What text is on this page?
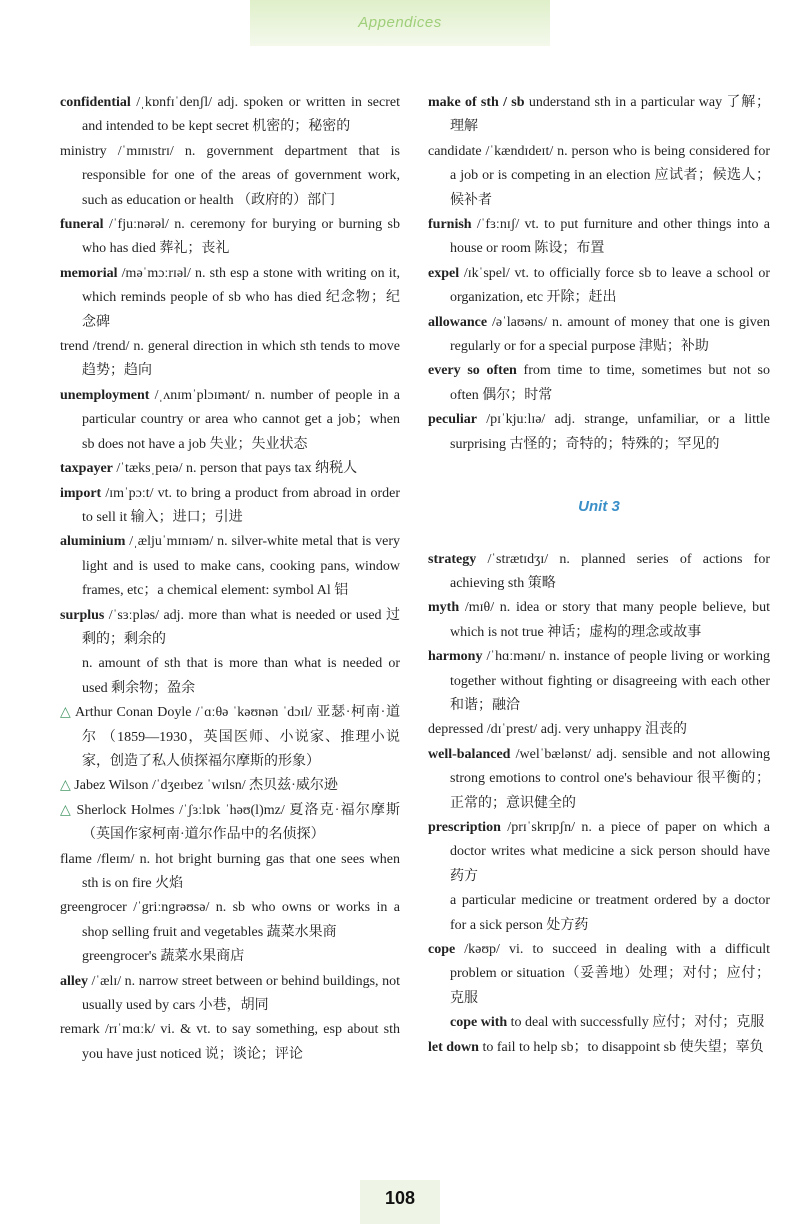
Appendices

confidential /ˌkɒnfɪˈdenʃl/ adj. spoken or written in secret and intended to be kept secret 机密的；秘密的

ministry /ˈmɪnɪstrɪ/ n. government department that is responsible for one of the areas of government work, such as education or health （政府的）部门

funeral /ˈfjuːnərəl/ n. ceremony for burying or burning sb who has died 葬礼；丧礼

memorial /məˈmɔːrɪəl/ n. sth esp a stone with writing on it, which reminds people of sb who has died 纪念物；纪念碑

trend /trend/ n. general direction in which sth tends to move 趋势；趋向

unemployment /ˌʌnɪmˈplɔɪmənt/ n. number of people in a particular country or area who cannot get a job；when sb does not have a job 失业；失业状态

taxpayer /ˈtæksˌpeɪə/ n. person that pays tax 纳税人

import /ɪmˈpɔːt/ vt. to bring a product from abroad in order to sell it 输入；进口；引进

aluminium /ˌæljuˈmɪnɪəm/ n. silver-white metal that is very light and is used to make cans, cooking pans, window frames, etc；a chemical element: symbol Al 铝

surplus /ˈsɜːpləs/ adj. more than what is needed or used 过剩的；剩余的

n. amount of sth that is more than what is needed or used 剩余物；盈余

△ Arthur Conan Doyle /ˈɑːθə ˈkəʊnən ˈdɔɪl/ 亚瑟·柯南·道尔 （1859—1930，英国医师、小说家、推理小说家，创造了私人侦探福尔摩斯的形象）

△ Jabez Wilson /ˈdʒeɪbez ˈwɪlsn/ 杰贝兹·威尔逊

△ Sherlock Holmes /ˈʃɜːlɒk ˈhəʊ(l)mz/ 夏洛克·福尔摩斯（英国作家柯南·道尔作品中的名侦探）

flame /fleɪm/ n. hot bright burning gas that one sees when sth is on fire 火焰

greengrocer /ˈgriːngrəʊsə/ n. sb who owns or works in a shop selling fruit and vegetables 蔬菜水果商

greengrocer's 蔬菜水果商店

alley /ˈælɪ/ n. narrow street between or behind buildings, not usually used by cars 小巷，胡同

remark /rɪˈmɑːk/ vi. & vt. to say something, esp about sth you have just noticed 说；谈论；评论

make of sth / sb understand sth in a particular way 了解；理解

candidate /ˈkændɪdeɪt/ n. person who is being considered for a job or is competing in an election 应试者；候选人；候补者

furnish /ˈfɜːnɪʃ/ vt. to put furniture and other things into a house or room 陈设；布置

expel /ɪkˈspel/ vt. to officially force sb to leave a school or organization, etc 开除；赶出

allowance /əˈlaʊəns/ n. amount of money that one is given regularly or for a special purpose 津贴；补助

every so often from time to time, sometimes but not so often 偶尔；时常

peculiar /pɪˈkjuːlɪə/ adj. strange, unfamiliar, or a little surprising 古怪的；奇特的；特殊的；罕见的

Unit 3

strategy /ˈstrætɪdʒɪ/ n. planned series of actions for achieving sth 策略

myth /mɪθ/ n. idea or story that many people believe, but which is not true 神话；虚构的理念或故事

harmony /ˈhɑːmənɪ/ n. instance of people living or working together without fighting or disagreeing with each other 和谐；融洽

depressed /dɪˈprest/ adj. very unhappy 沮丧的

well-balanced /welˈbælənst/ adj. sensible and not allowing strong emotions to control one's behaviour 很平衡的；正常的；意识健全的

prescription /prɪˈskrɪpʃn/ n. a piece of paper on which a doctor writes what medicine a sick person should have 药方

a particular medicine or treatment ordered by a doctor for a sick person 处方药

cope /kəʊp/ vi. to succeed in dealing with a difficult problem or situation（妥善地）处理；对付；应付；克服

cope with to deal with successfully 应付；对付；克服

let down to fail to help sb；to disappoint sb 使失望；辜负

108
